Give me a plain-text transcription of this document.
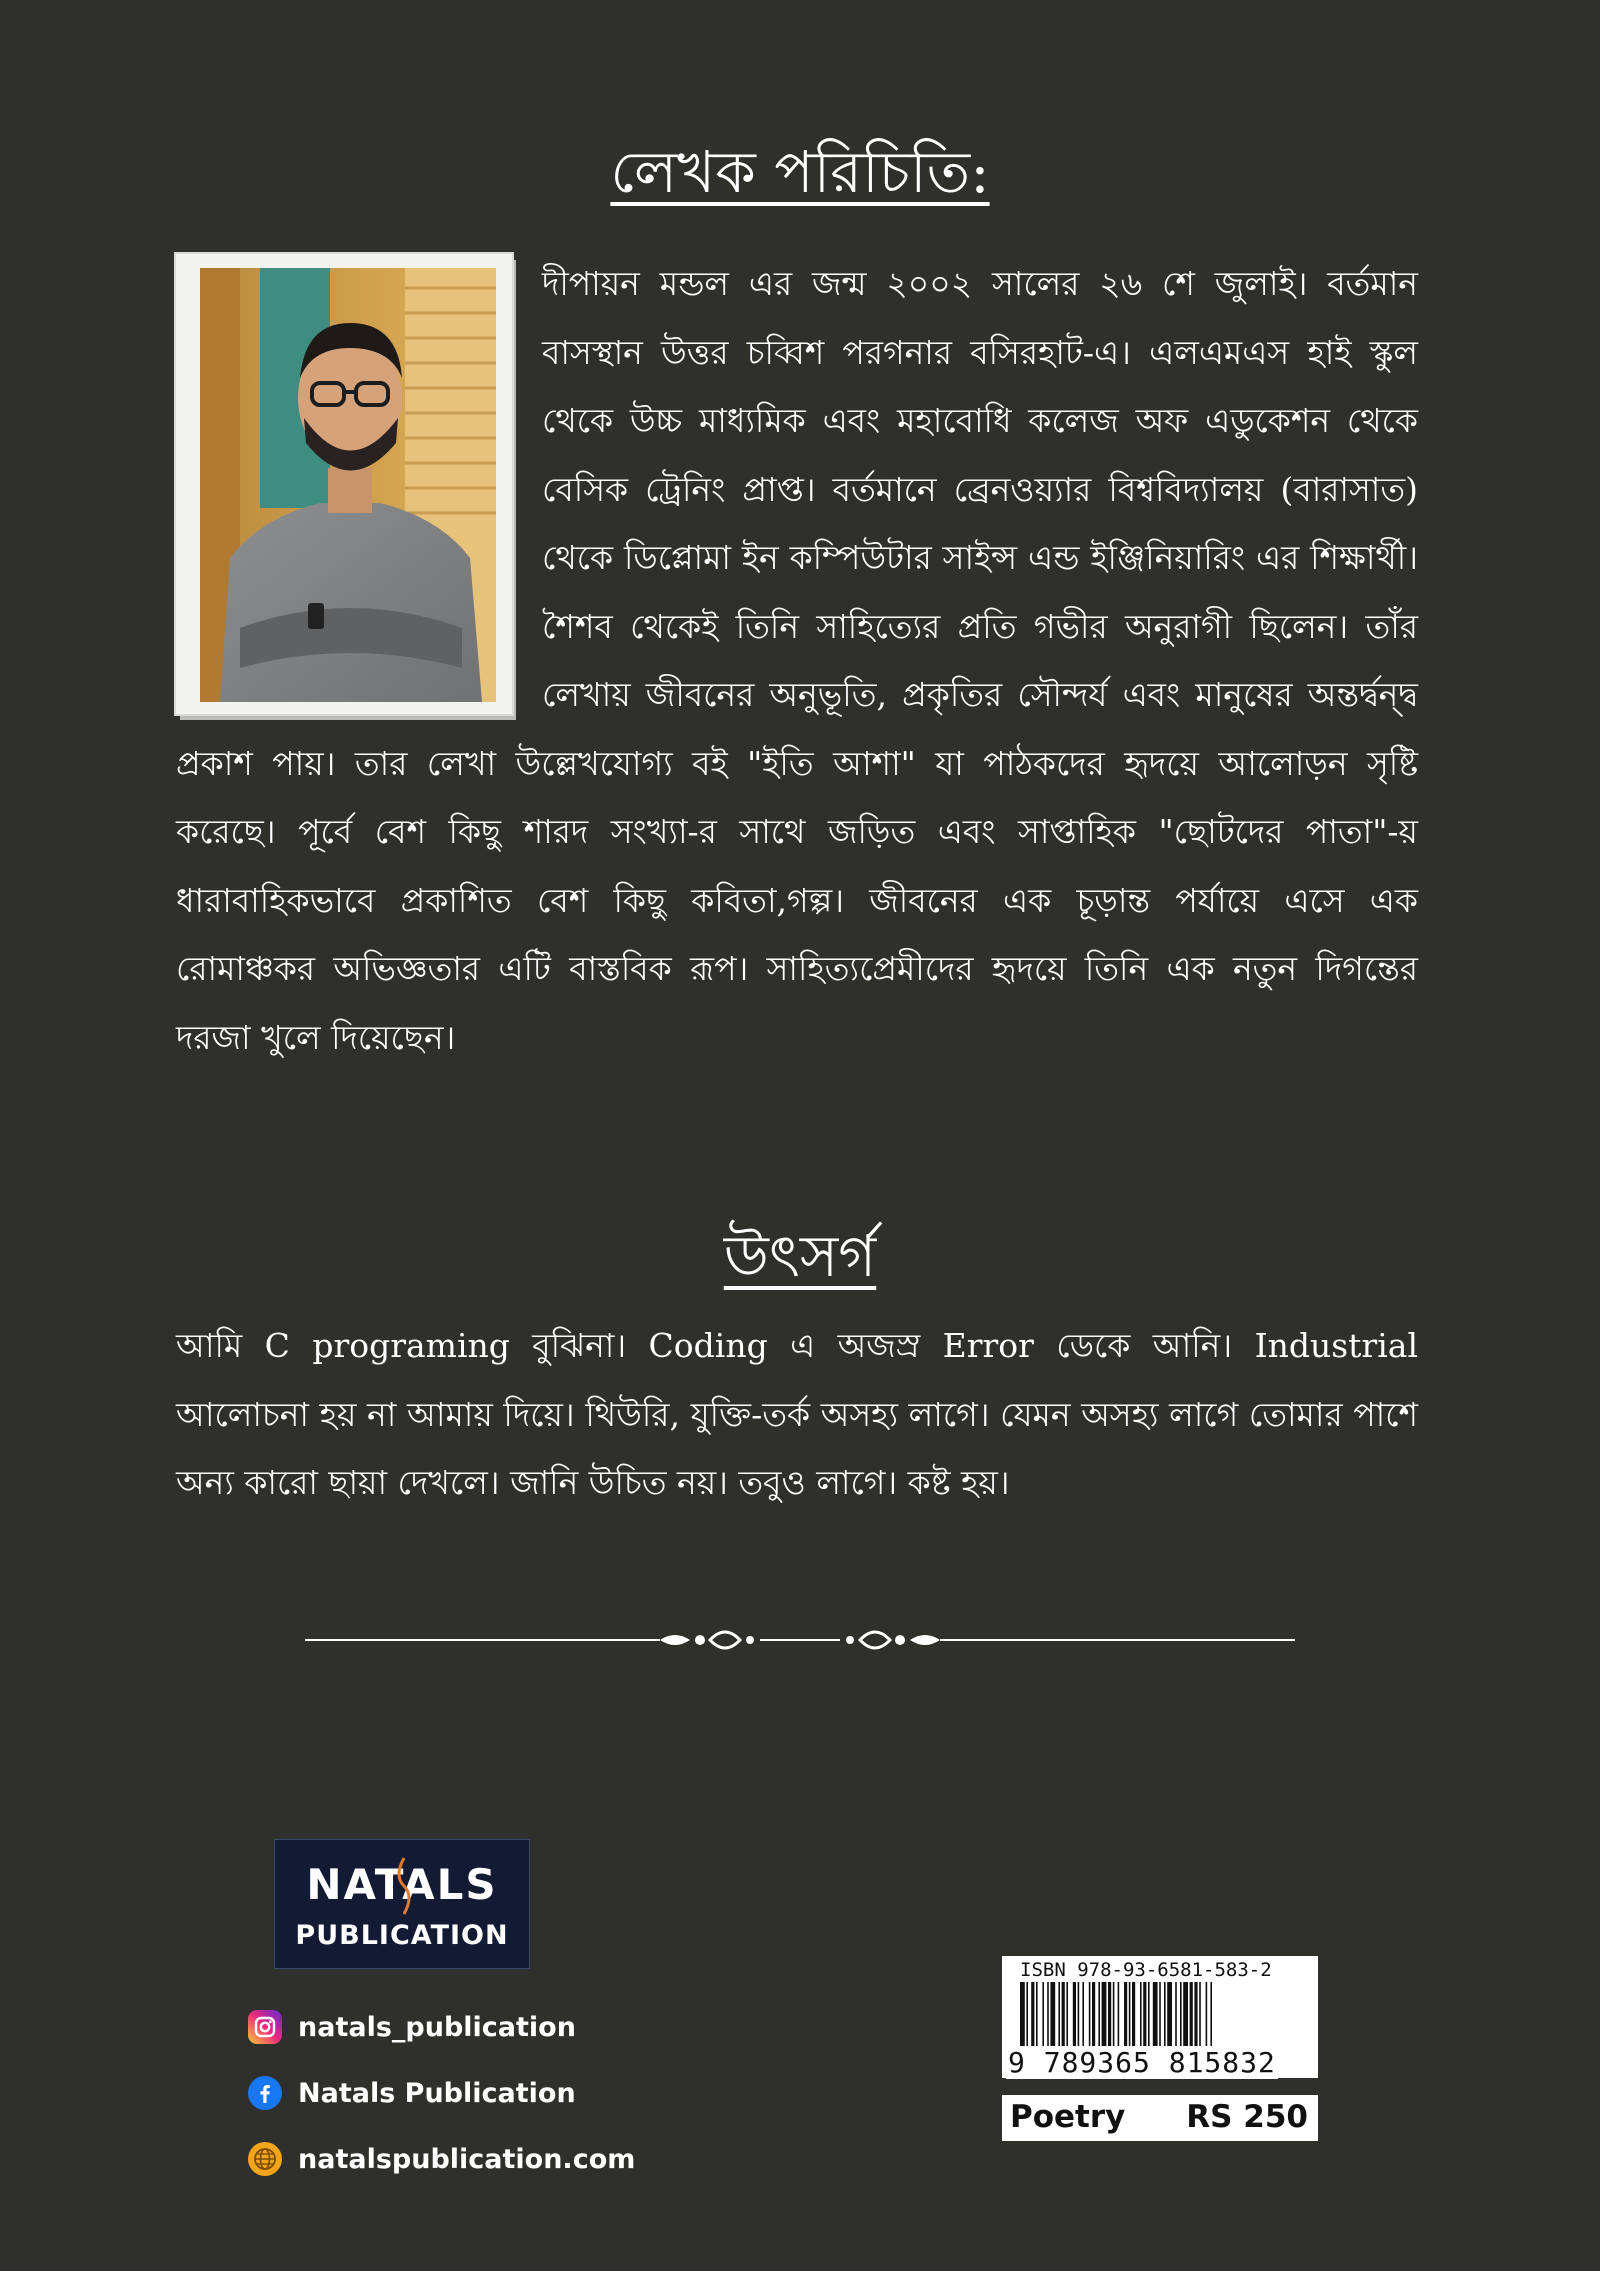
লেখক পরিচিতি:

দীপায়ন মন্ডল এর জন্ম ২০০২ সালের ২৬ শে জুলাই। বর্তমান বাসস্থান উত্তর চব্বিশ পরগনার বসিরহাট-এ। এলএমএস হাই স্কুল থেকে উচ্চ মাধ্যমিক এবং মহাবোধি কলেজ অফ এডুকেশন থেকে বেসিক ট্রেনিং প্রাপ্ত। বর্তমানে ব্রেনওয়্যার বিশ্ববিদ্যালয় (বারাসাত) থেকে ডিপ্লোমা ইন কম্পিউটার সাইন্স এন্ড ইঞ্জিনিয়ারিং এর শিক্ষার্থী। শৈশব থেকেই তিনি সাহিত্যের প্রতি গভীর অনুরাগী ছিলেন। তাঁর লেখায় জীবনের অনুভূতি, প্রকৃতির সৌন্দর্য এবং মানুষের অন্তর্দ্বন্দ্ব প্রকাশ পায়। তার লেখা উল্লেখযোগ্য বই "ইতি আশা" যা পাঠকদের হৃদয়ে আলোড়ন সৃষ্টি করেছে। পূর্বে বেশ কিছু শারদ সংখ্যা-র সাথে জড়িত এবং সাপ্তাহিক "ছোটদের পাতা"-য় ধারাবাহিকভাবে প্রকাশিত বেশ কিছু কবিতা,গল্প। জীবনের এক চূড়ান্ত পর্যায়ে এসে এক রোমাঞ্চকর অভিজ্ঞতার এটি বাস্তবিক রূপ। সাহিত্যপ্রেমীদের হৃদয়ে তিনি এক নতুন দিগন্তের দরজা খুলে দিয়েছেন।

উৎসর্গ

আমি C programing বুঝিনা। Coding এ অজস্র Error ডেকে আনি। Industrial আলোচনা হয় না আমায় দিয়ে। থিউরি, যুক্তি-তর্ক অসহ্য লাগে। যেমন অসহ্য লাগে তোমার পাশে অন্য কারো ছায়া দেখলে। জানি উচিত নয়। তবুও লাগে। কষ্ট হয়।

NATALS
PUBLICATION
natals_publication
Natals Publication
natalspublication.com
ISBN 978-93-6581-583-2
9 789365 815832
Poetry RS 250
